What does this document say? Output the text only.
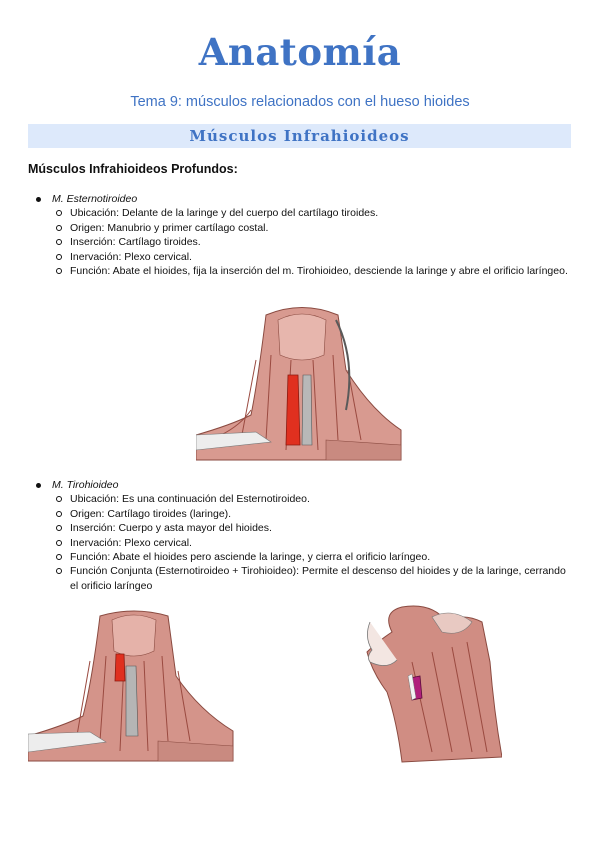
Anatomía
Tema 9: músculos relacionados con el hueso hioides
Músculos Infrahioideos
Músculos Infrahioideos Profundos:
M. Esternotiroideo
Ubicación: Delante de la laringe y del cuerpo del cartílago tiroides.
Origen: Manubrio y primer cartílago costal.
Inserción: Cartílago tiroides.
Inervación: Plexo cervical.
Función: Abate el hioides, fija la inserción del m. Tirohioideo, desciende la laringe y abre el orificio laríngeo.
M. Tirohioideo
Ubicación: Es una continuación del Esternotiroideo.
Origen: Cartílago tiroides (laringe).
Inserción: Cuerpo y asta mayor del hioides.
Inervación: Plexo cervical.
Función: Abate el hioides pero asciende la laringe, y cierra el orificio laríngeo.
Función Conjunta (Esternotiroideo + Tirohioideo): Permite el descenso del hioides y de la laringe, cerrando el orificio laríngeo
